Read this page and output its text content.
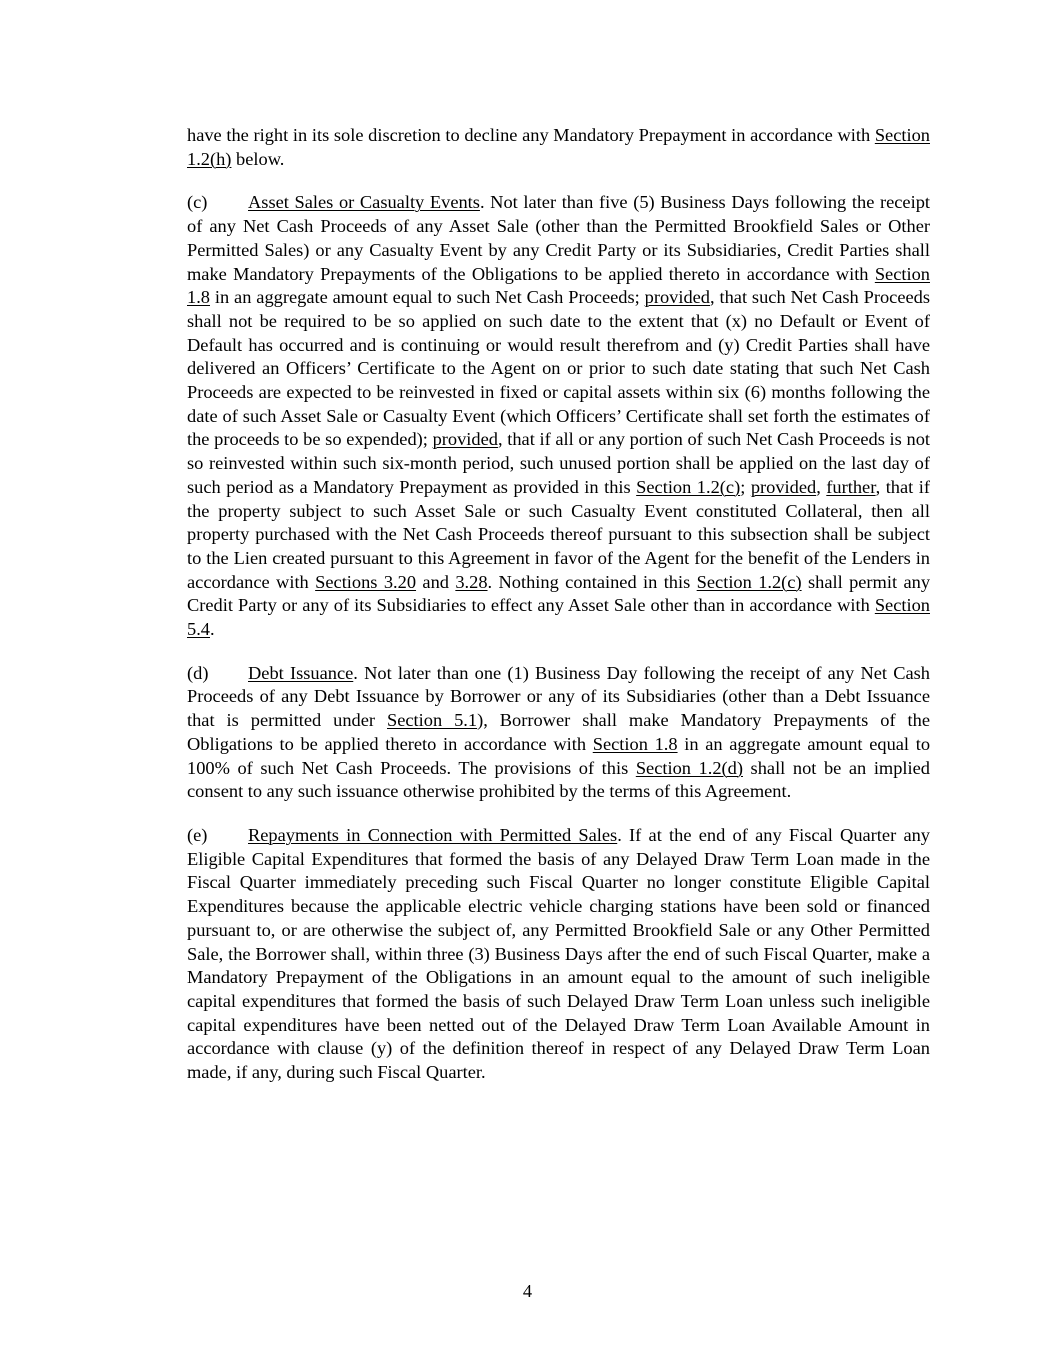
have the right in its sole discretion to decline any Mandatory Prepayment in accordance with Section 1.2(h) below.

(c) Asset Sales or Casualty Events. Not later than five (5) Business Days following the receipt of any Net Cash Proceeds of any Asset Sale (other than the Permitted Brookfield Sales or Other Permitted Sales) or any Casualty Event by any Credit Party or its Subsidiaries, Credit Parties shall make Mandatory Prepayments of the Obligations to be applied thereto in accordance with Section 1.8 in an aggregate amount equal to such Net Cash Proceeds; provided, that such Net Cash Proceeds shall not be required to be so applied on such date to the extent that (x) no Default or Event of Default has occurred and is continuing or would result therefrom and (y) Credit Parties shall have delivered an Officers’ Certificate to the Agent on or prior to such date stating that such Net Cash Proceeds are expected to be reinvested in fixed or capital assets within six (6) months following the date of such Asset Sale or Casualty Event (which Officers’ Certificate shall set forth the estimates of the proceeds to be so expended); provided, that if all or any portion of such Net Cash Proceeds is not so reinvested within such six-month period, such unused portion shall be applied on the last day of such period as a Mandatory Prepayment as provided in this Section 1.2(c); provided, further, that if the property subject to such Asset Sale or such Casualty Event constituted Collateral, then all property purchased with the Net Cash Proceeds thereof pursuant to this subsection shall be subject to the Lien created pursuant to this Agreement in favor of the Agent for the benefit of the Lenders in accordance with Sections 3.20 and 3.28. Nothing contained in this Section 1.2(c) shall permit any Credit Party or any of its Subsidiaries to effect any Asset Sale other than in accordance with Section 5.4.

(d) Debt Issuance. Not later than one (1) Business Day following the receipt of any Net Cash Proceeds of any Debt Issuance by Borrower or any of its Subsidiaries (other than a Debt Issuance that is permitted under Section 5.1), Borrower shall make Mandatory Prepayments of the Obligations to be applied thereto in accordance with Section 1.8 in an aggregate amount equal to 100% of such Net Cash Proceeds. The provisions of this Section 1.2(d) shall not be an implied consent to any such issuance otherwise prohibited by the terms of this Agreement.

(e) Repayments in Connection with Permitted Sales. If at the end of any Fiscal Quarter any Eligible Capital Expenditures that formed the basis of any Delayed Draw Term Loan made in the Fiscal Quarter immediately preceding such Fiscal Quarter no longer constitute Eligible Capital Expenditures because the applicable electric vehicle charging stations have been sold or financed pursuant to, or are otherwise the subject of, any Permitted Brookfield Sale or any Other Permitted Sale, the Borrower shall, within three (3) Business Days after the end of such Fiscal Quarter, make a Mandatory Prepayment of the Obligations in an amount equal to the amount of such ineligible capital expenditures that formed the basis of such Delayed Draw Term Loan unless such ineligible capital expenditures have been netted out of the Delayed Draw Term Loan Available Amount in accordance with clause (y) of the definition thereof in respect of any Delayed Draw Term Loan made, if any, during such Fiscal Quarter.

4
